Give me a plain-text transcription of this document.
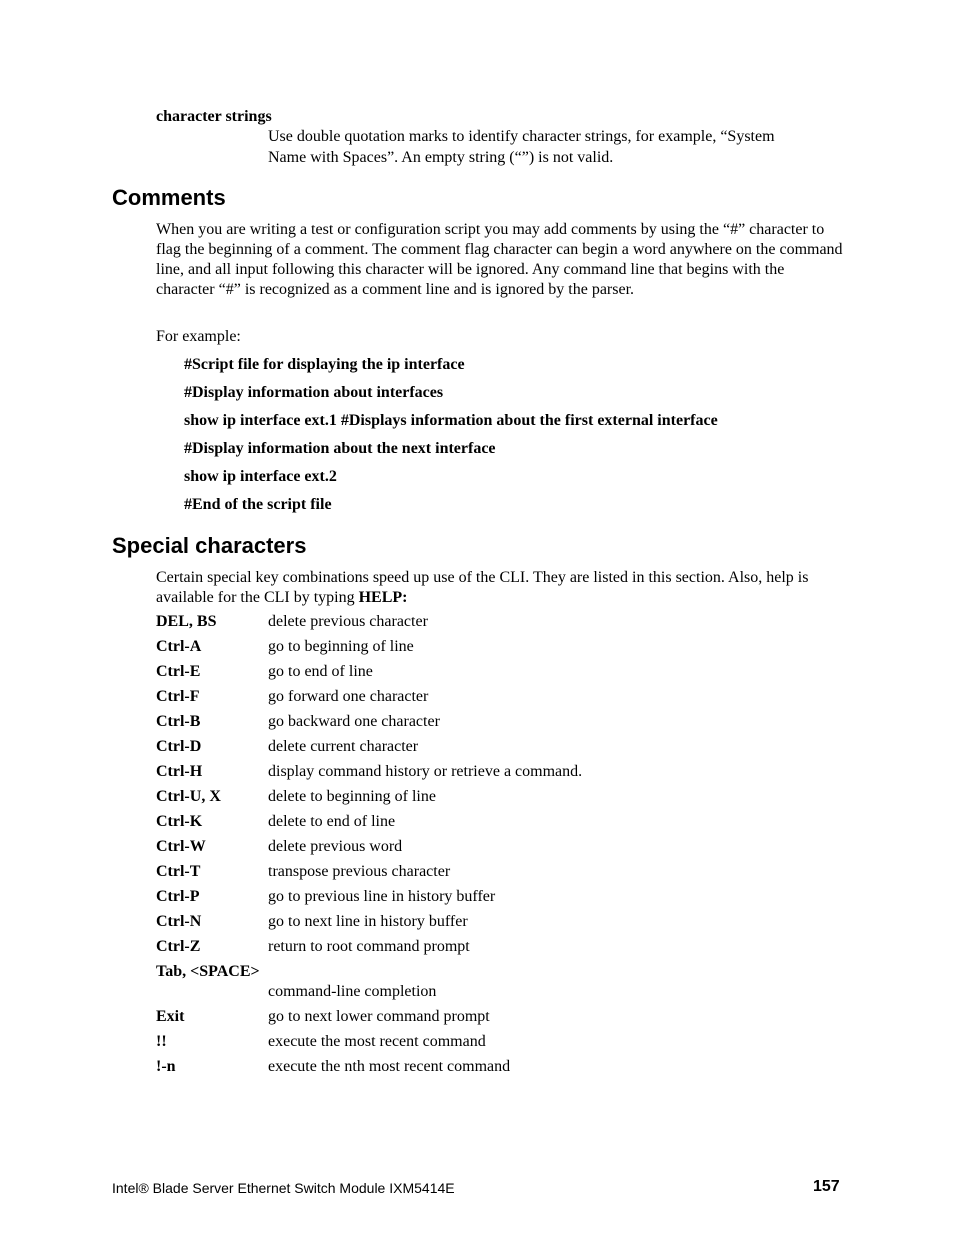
character strings
Use double quotation marks to identify character strings, for example, “System
Name with Spaces”. An empty string (“”) is not valid.
Comments
When you are writing a test or configuration script you may add comments by using the “#” character to flag the beginning of a comment. The comment flag character can begin a word anywhere on the command line, and all input following this character will be ignored. Any command line that begins with the character “#” is recognized as a comment line and is ignored by the parser.
For example:
#Script file for displaying the ip interface
#Display information about interfaces
show ip interface ext.1 #Displays information about the first external interface
#Display information about the next interface
show ip interface ext.2
#End of the script file
Special characters
Certain special key combinations speed up use of the CLI. They are listed in this section. Also, help is available for the CLI by typing HELP:
DEL, BS	delete previous character
Ctrl-A	go to beginning of line
Ctrl-E	go to end of line
Ctrl-F	go forward one character
Ctrl-B	go backward one character
Ctrl-D	delete current character
Ctrl-H	display command history or retrieve a command.
Ctrl-U, X	delete to beginning of line
Ctrl-K	delete to end of line
Ctrl-W	delete previous word
Ctrl-T	transpose previous character
Ctrl-P	go to previous line in history buffer
Ctrl-N	go to next line in history buffer
Ctrl-Z	return to root command prompt
Tab, <SPACE>
command-line completion
Exit	go to next lower command prompt
!!	execute the most recent command
!-n	execute the nth most recent command
Intel® Blade Server Ethernet Switch Module IXM5414E	157
